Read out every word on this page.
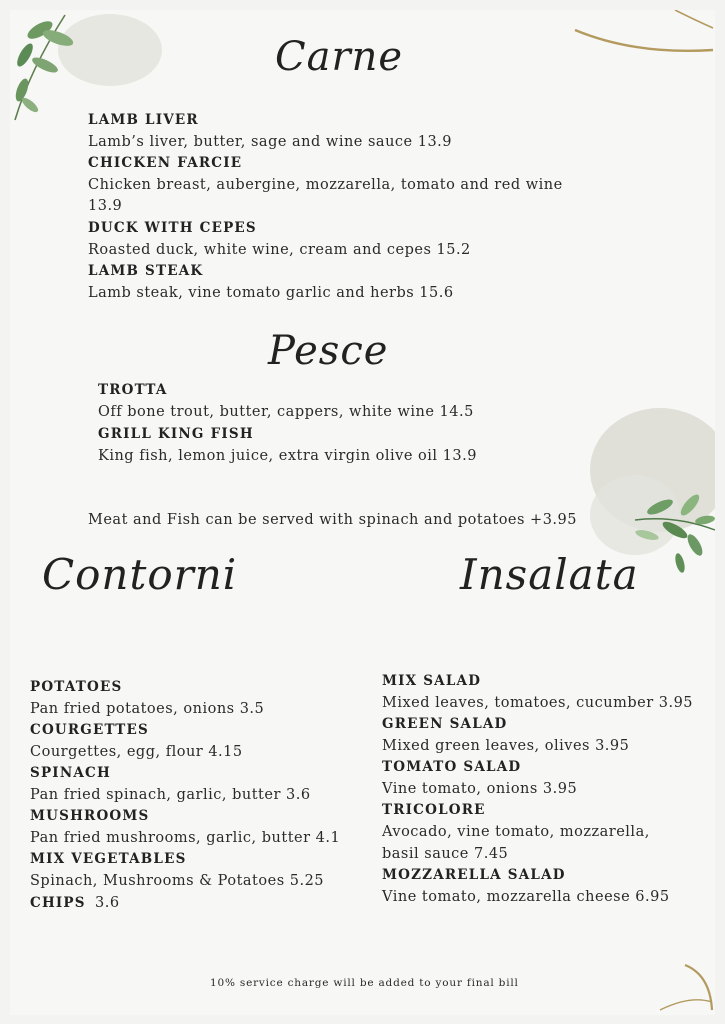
Carne
LAMB LIVER
Lamb’s liver, butter, sage and wine sauce 13.9
CHICKEN FARCIE
Chicken breast, aubergine, mozzarella, tomato and red wine
13.9
DUCK WITH CEPES
Roasted duck, white wine, cream and cepes 15.2
LAMB STEAK
Lamb steak, vine tomato garlic and herbs 15.6
Pesce
TROTTA
Off bone trout, butter, cappers, white wine 14.5
GRILL KING FISH
King fish, lemon juice, extra virgin olive oil 13.9
Meat and Fish can be served with spinach and potatoes +3.95
Contorni	Insalata
POTATOES
Pan fried potatoes, onions 3.5
COURGETTES
Courgettes, egg, flour 4.15
SPINACH
Pan fried spinach, garlic, butter 3.6
MUSHROOMS
Pan fried mushrooms, garlic, butter 4.1
MIX VEGETABLES
Spinach, Mushrooms & Potatoes 5.25
CHIPS 3.6
MIX SALAD
Mixed leaves, tomatoes, cucumber 3.95
GREEN SALAD
Mixed green leaves, olives 3.95
TOMATO SALAD
Vine tomato, onions 3.95
TRICOLORE
Avocado, vine tomato, mozzarella,
basil sauce 7.45
MOZZARELLA SALAD
Vine tomato, mozzarella cheese 6.95
10% service charge will be added to your final bill
